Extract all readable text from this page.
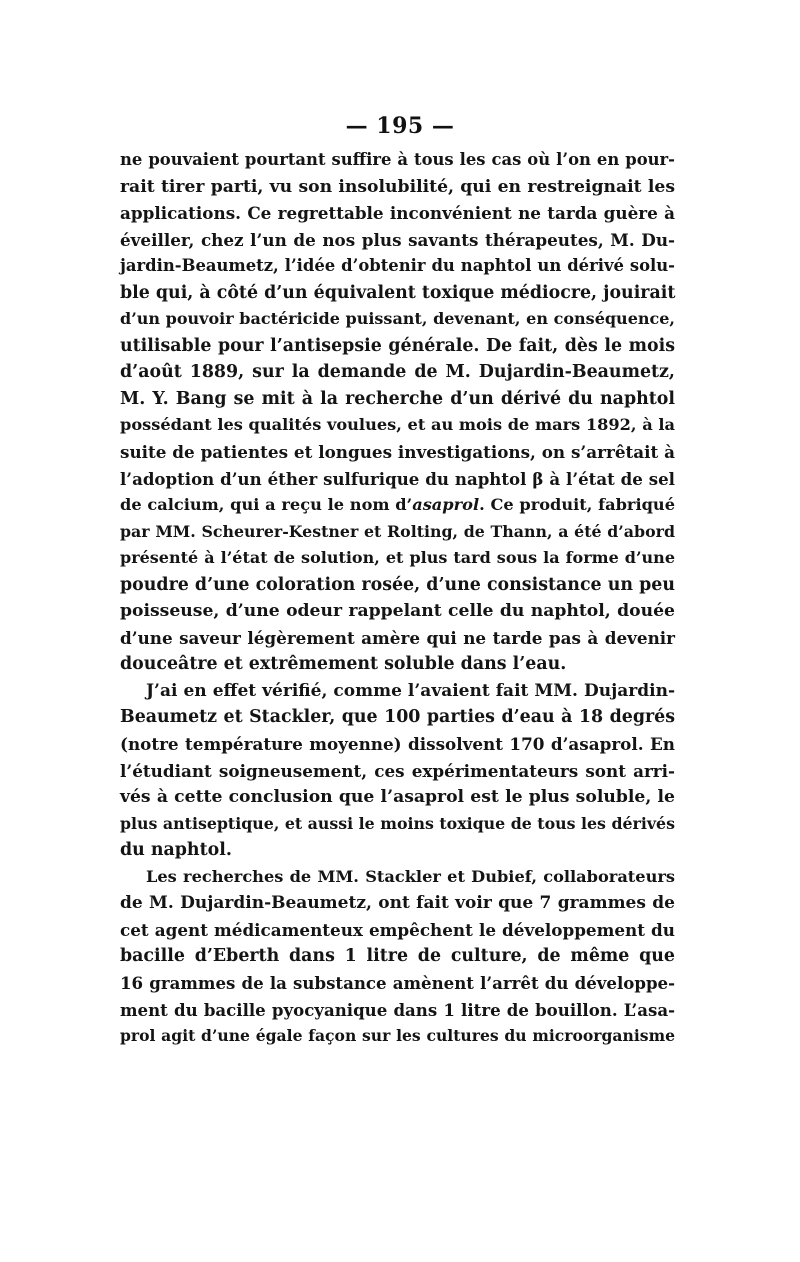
— 195 —
ne pouvaient pourtant suffire à tous les cas où l’on en pour-
rait tirer parti, vu son insolubilité, qui en restreignait les
applications. Ce regrettable inconvénient ne tarda guère à
éveiller, chez l’un de nos plus savants thérapeutes, M. Du-
jardin-Beaumetz, l’idée d’obtenir du naphtol un dérivé solu-
ble qui, à côté d’un équivalent toxique médiocre, jouirait
d’un pouvoir bactéricide puissant, devenant, en conséquence,
utilisable pour l’antisepsie générale. De fait, dès le mois
d’août 1889, sur la demande de M. Dujardin-Beaumetz,
M. Y. Bang se mit à la recherche d’un dérivé du naphtol
possédant les qualités voulues, et au mois de mars 1892, à la
suite de patientes et longues investigations, on s’arrêtait à
l’adoption d’un éther sulfurique du naphtol β à l’état de sel
de calcium, qui a reçu le nom d’asaprol. Ce produit, fabriqué
par MM. Scheurer-Kestner et Rolting, de Thann, a été d’abord
présenté à l’état de solution, et plus tard sous la forme d’une
poudre d’une coloration rosée, d’une consistance un peu
poisseuse, d’une odeur rappelant celle du naphtol, douée
d’une saveur légèrement amère qui ne tarde pas à devenir
douceâtre et extrêmement soluble dans l’eau.
J’ai en effet vérifié, comme l’avaient fait MM. Dujardin-
Beaumetz et Stackler, que 100 parties d’eau à 18 degrés
(notre température moyenne) dissolvent 170 d’asaprol. En
l’étudiant soigneusement, ces expérimentateurs sont arri-
vés à cette conclusion que l’asaprol est le plus soluble, le
plus antiseptique, et aussi le moins toxique de tous les dérivés
du naphtol.
Les recherches de MM. Stackler et Dubief, collaborateurs
de M. Dujardin-Beaumetz, ont fait voir que 7 grammes de
cet agent médicamenteux empêchent le développement du
bacille d’Eberth dans 1 litre de culture, de même que
16 grammes de la substance amènent l’arrêt du développe-
ment du bacille pyocyanique dans 1 litre de bouillon. L’asa-
prol agit d’une égale façon sur les cultures du microorganisme
